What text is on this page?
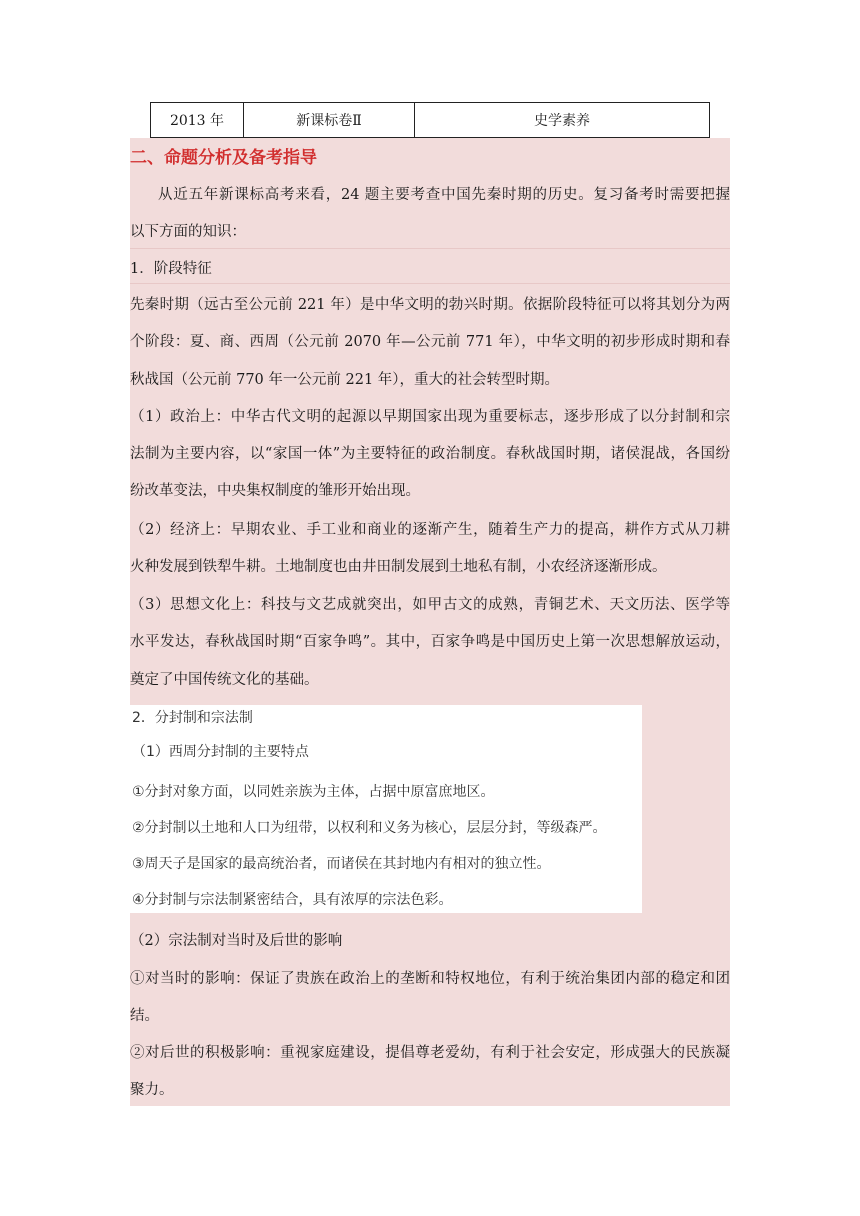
2013 年	新课标卷Ⅱ	史学素养
二、命题分析及备考指导
从近五年新课标高考来看，24 题主要考查中国先秦时期的历史。复习备考时需要把握
以下方面的知识：
1．阶段特征
先秦时期（远古至公元前 221 年）是中华文明的勃兴时期。依据阶段特征可以将其划分为两
个阶段：夏、商、西周（公元前 2070 年—公元前 771 年），中华文明的初步形成时期和春
秋战国（公元前 770 年一公元前 221 年），重大的社会转型时期。
（1）政治上：中华古代文明的起源以早期国家出现为重要标志，逐步形成了以分封制和宗
法制为主要内容，以“家国一体”为主要特征的政治制度。春秋战国时期，诸侯混战，各国纷
纷改革变法，中央集权制度的雏形开始出现。
（2）经济上：早期农业、手工业和商业的逐渐产生，随着生产力的提高，耕作方式从刀耕
火种发展到铁犁牛耕。土地制度也由井田制发展到土地私有制，小农经济逐渐形成。
（3）思想文化上：科技与文艺成就突出，如甲古文的成熟，青铜艺术、天文历法、医学等
水平发达，春秋战国时期“百家争鸣”。其中，百家争鸣是中国历史上第一次思想解放运动，
奠定了中国传统文化的基础。
2．分封制和宗法制
（1）西周分封制的主要特点
①分封对象方面，以同姓亲族为主体，占据中原富庶地区。
②分封制以土地和人口为纽带，以权利和义务为核心，层层分封，等级森严。
③周天子是国家的最高统治者，而诸侯在其封地内有相对的独立性。
④分封制与宗法制紧密结合，具有浓厚的宗法色彩。
（2）宗法制对当时及后世的影响
①对当时的影响：保证了贵族在政治上的垄断和特权地位，有利于统治集团内部的稳定和团
结。
②对后世的积极影响：重视家庭建设，提倡尊老爱幼，有利于社会安定，形成强大的民族凝
聚力。
